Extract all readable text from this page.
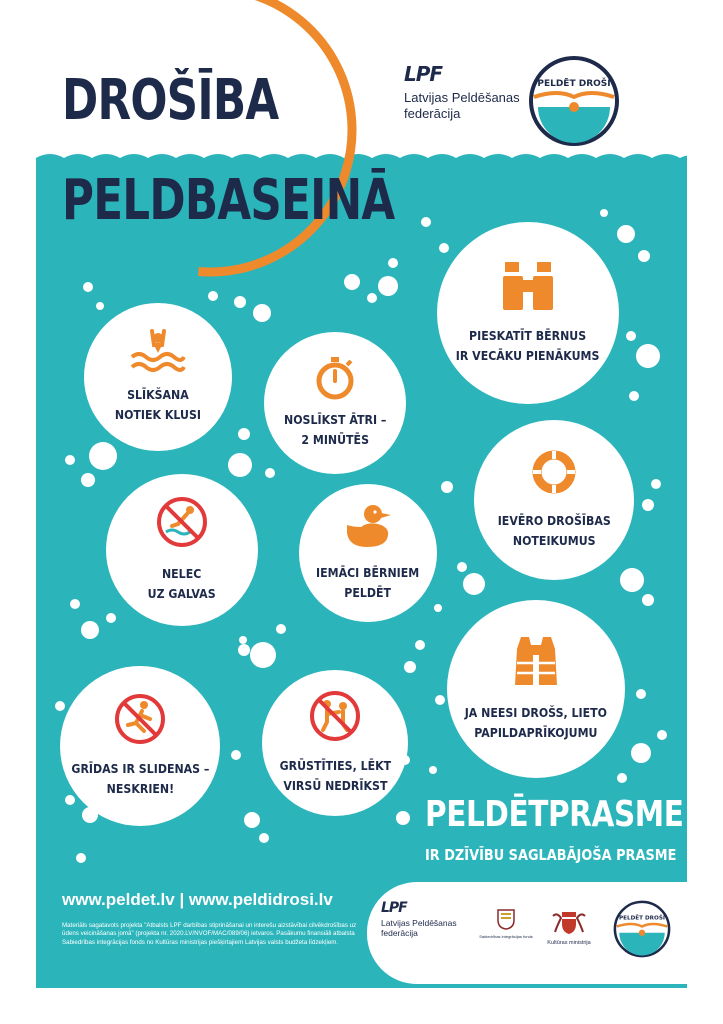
DROŠĪBA
PELDBASEINĀ
LPF
Latvijas Peldēšanas
federācija
PELDĒT DROŠI
SLĪKŠANA
NOTIEK KLUSI	NOSLĪKST ĀTRI –
2 MINŪTĒS
PIESKATĪT BĒRNUS
IR VECĀKU PIENĀKUMS
NELEC
UZ GALVAS
IEMĀCI BĒRNIEM
PELDĒT
IEVĒRO DROŠĪBAS
NOTEIKUMUS
GRĪDAS IR SLIDENAS –
NESKRIEN!
GRŪSTĪTIES, LĒKT
VIRSŪ NEDRĪKST
JA NEESI DROŠS, LIETO
PAPILDAPRĪKOJUMU
PELDĒTPRASME
IR DZĪVĪBU SAGLABĀJOŠA PRASME
www.peldet.lv | www.peldidrosi.lv
Materiāls sagatavots projekta "Atbalsts LPF darbības stiprināšanai un interešu aizstāvībai cilvēkdrošības uz ūdens veicināšanas jomā" (projekta nr. 2020.LV/NVOF/MAC/089/06) ietvaros. Pasākumu finansiāli atbalsta Sabiedrības integrācijas fonds no Kultūras ministrijas piešķirtajiem Latvijas valsts budžeta līdzekļiem.
LPF
Latvijas Peldēšanas
federācija	Sabiedrības integrācijas fonds
Kultūras ministrija
PELDĒT DROŠI
